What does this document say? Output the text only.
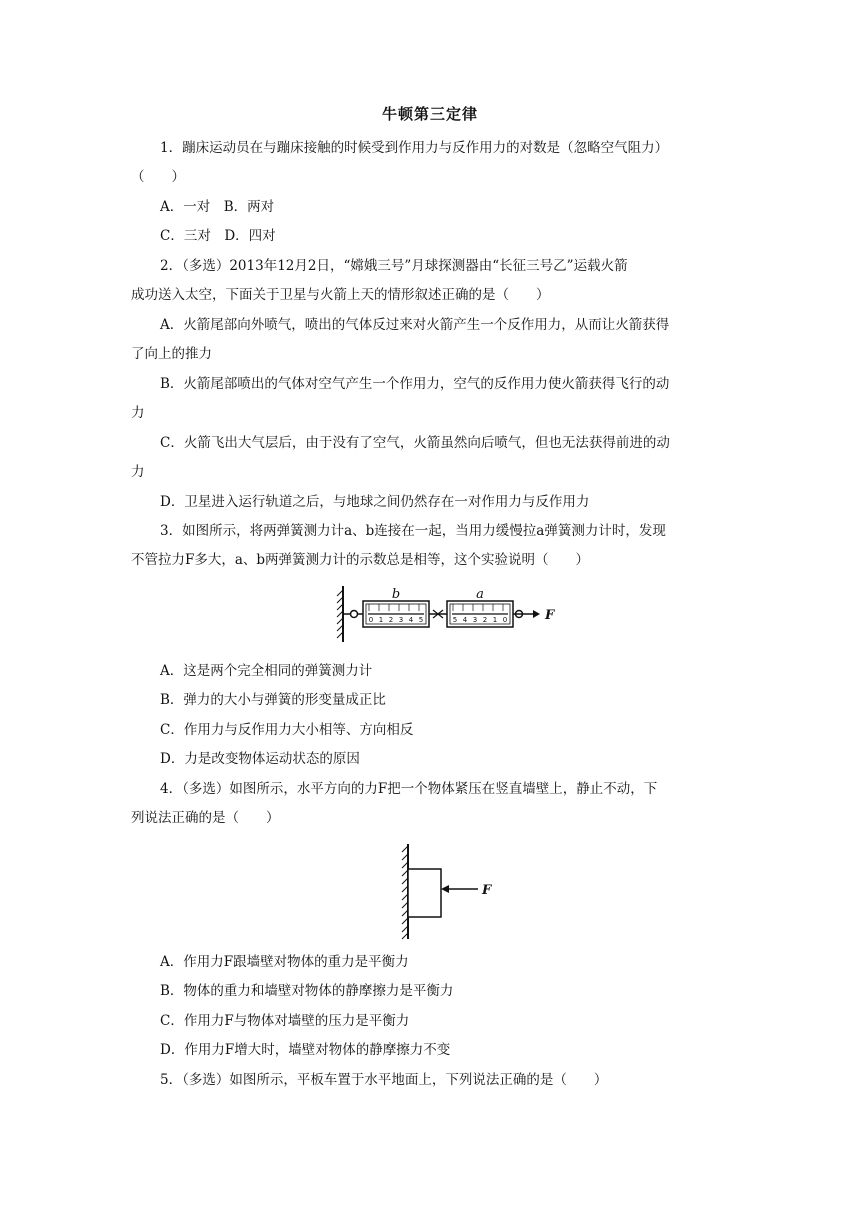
牛顿第三定律
1．蹦床运动员在与蹦床接触的时候受到作用力与反作用力的对数是（忽略空气阻力）
（　　）
A．一对　B．两对
C．三对　D．四对
2．（多选）2013年12月2日，“嫦娥三号”月球探测器由“长征三号乙”运载火箭
成功送入太空，下面关于卫星与火箭上天的情形叙述正确的是（　　）
A．火箭尾部向外喷气，喷出的气体反过来对火箭产生一个反作用力，从而让火箭获得
了向上的推力
B．火箭尾部喷出的气体对空气产生一个作用力，空气的反作用力使火箭获得飞行的动
力
C．火箭飞出大气层后，由于没有了空气，火箭虽然向后喷气，但也无法获得前进的动
力
D．卫星进入运行轨道之后，与地球之间仍然存在一对作用力与反作用力
3．如图所示，将两弹簧测力计a、b连接在一起，当用力缓慢拉a弹簧测力计时，发现
不管拉力F多大，a、b两弹簧测力计的示数总是相等，这个实验说明（　　）
0 1 2 3 4 5
b
5 4 3 2 1 0
a
F
A．这是两个完全相同的弹簧测力计
B．弹力的大小与弹簧的形变量成正比
C．作用力与反作用力大小相等、方向相反
D．力是改变物体运动状态的原因
4．（多选）如图所示，水平方向的力F把一个物体紧压在竖直墙壁上，静止不动，下
列说法正确的是（　　）
F
A．作用力F跟墙壁对物体的重力是平衡力
B．物体的重力和墙壁对物体的静摩擦力是平衡力
C．作用力F与物体对墙壁的压力是平衡力
D．作用力F增大时，墙壁对物体的静摩擦力不变
5．（多选）如图所示，平板车置于水平地面上，下列说法正确的是（　　）
